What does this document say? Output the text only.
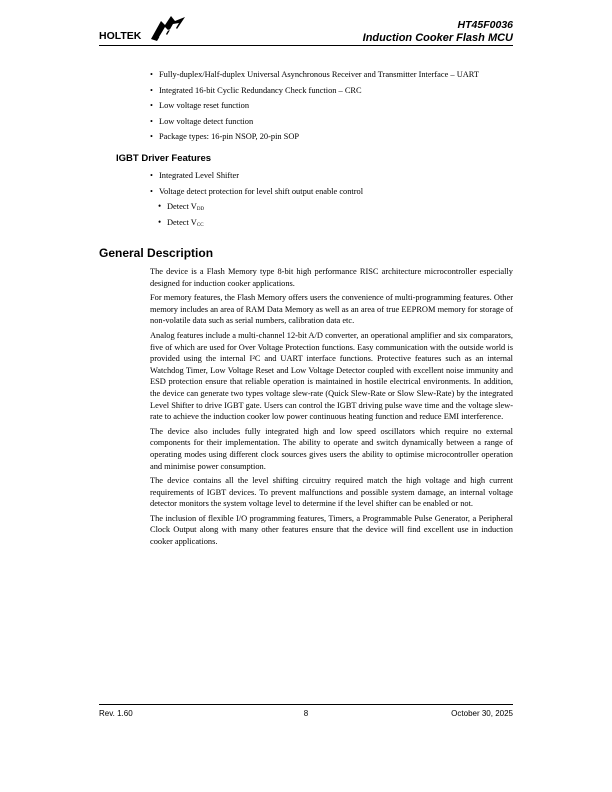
HOLTEK
HT45F0036
Induction Cooker Flash MCU
• Fully-duplex/Half-duplex Universal Asynchronous Receiver and Transmitter Interface – UART
• Integrated 16-bit Cyclic Redundancy Check function – CRC
• Low voltage reset function
• Low voltage detect function
• Package types: 16-pin NSOP, 20-pin SOP
IGBT Driver Features
• Integrated Level Shifter
• Voltage detect protection for level shift output enable control
• Detect $V_{DD}$
• Detect $V_{CC}$
General Description

The device is a Flash Memory type 8-bit high performance RISC architecture microcontroller especially designed for induction cooker applications.

For memory features, the Flash Memory offers users the convenience of multi-programming features. Other memory includes an area of RAM Data Memory as well as an area of true EEPROM memory for storage of non-volatile data such as serial numbers, calibration data etc.

Analog features include a multi-channel 12-bit A/D converter, an operational amplifier and six comparators, five of which are used for Over Voltage Protection functions. Easy communication with the outside world is provided using the internal I²C and UART interface functions. Protective features such as an internal Watchdog Timer, Low Voltage Reset and Low Voltage Detector coupled with excellent noise immunity and ESD protection ensure that reliable operation is maintained in hostile electrical environments. In addition, the device can generate two types voltage slew-rate (Quick Slew-Rate or Slow Slew-Rate) by the integrated Level Shifter to drive IGBT gate. Users can control the IGBT driving pulse wave time and the voltage slew-rate to achieve the induction cooker low power continuous heating function and reduce EMI interference.

The device also includes fully integrated high and low speed oscillators which require no external components for their implementation. The ability to operate and switch dynamically between a range of operating modes using different clock sources gives users the ability to optimise microcontroller operation and minimise power consumption.

The device contains all the level shifting circuitry required match the high voltage and high current requirements of IGBT devices. To prevent malfunctions and possible system damage, an internal voltage detector monitors the system voltage level to determine if the level shifter can be enabled or not.

The inclusion of flexible I/O programming features, Timers, a Programmable Pulse Generator, a Peripheral Clock Output along with many other features ensure that the device will find excellent use in induction cooker applications.

Rev. 1.60	8	October 30, 2025
